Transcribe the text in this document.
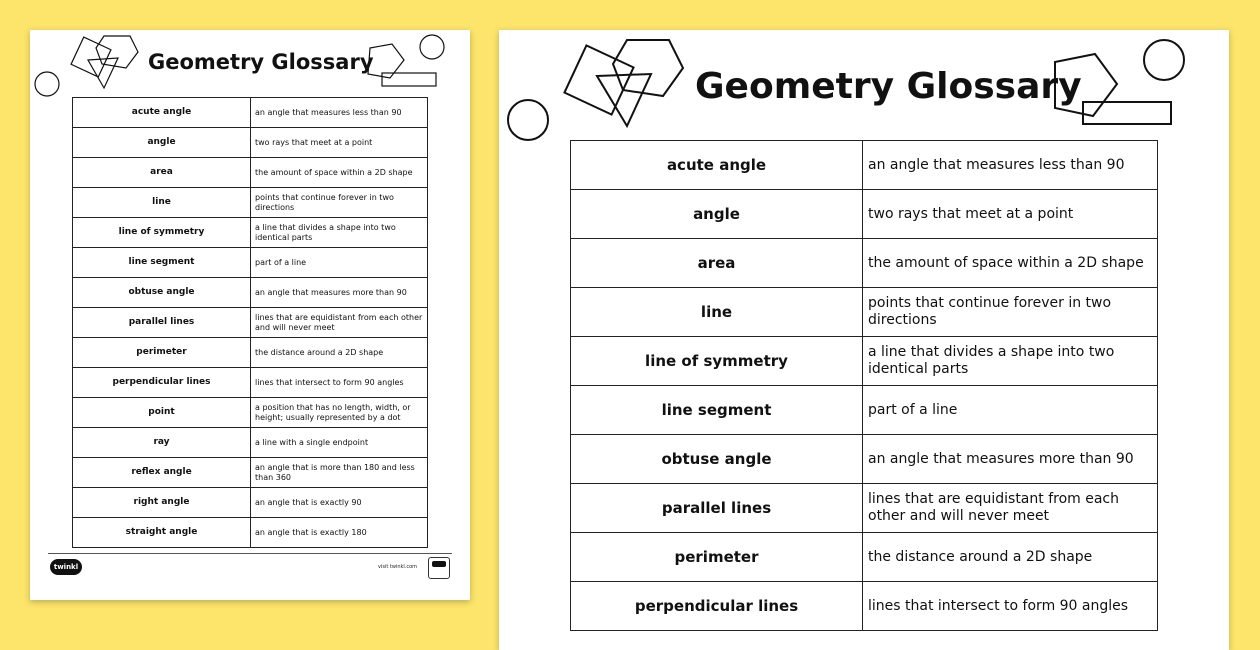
Geometry Glossary
acute angle	an angle that measures less than 90
angle	two rays that meet at a point
area	the amount of space within a 2D shape
line	points that continue forever in two directions
line of symmetry	a line that divides a shape into two identical parts
line segment	part of a line
obtuse angle	an angle that measures more than 90
parallel lines	lines that are equidistant from each other and will never meet
perimeter	the distance around a 2D shape
perpendicular lines	lines that intersect to form 90 angles
point	a position that has no length, width, or height; usually represented by a dot
ray	a line with a single endpoint
reflex angle	an angle that is more than 180 and less than 360
right angle	an angle that is exactly 90
straight angle	an angle that is exactly 180
twinkl	visit twinkl.com
Geometry Glossary
acute angle	an angle that measures less than 90
angle	two rays that meet at a point
area	the amount of space within a 2D shape
line	points that continue forever in two directions
line of symmetry	a line that divides a shape into two identical parts
line segment	part of a line
obtuse angle	an angle that measures more than 90
parallel lines	lines that are equidistant from each other and will never meet
perimeter	the distance around a 2D shape
perpendicular lines	lines that intersect to form 90 angles
